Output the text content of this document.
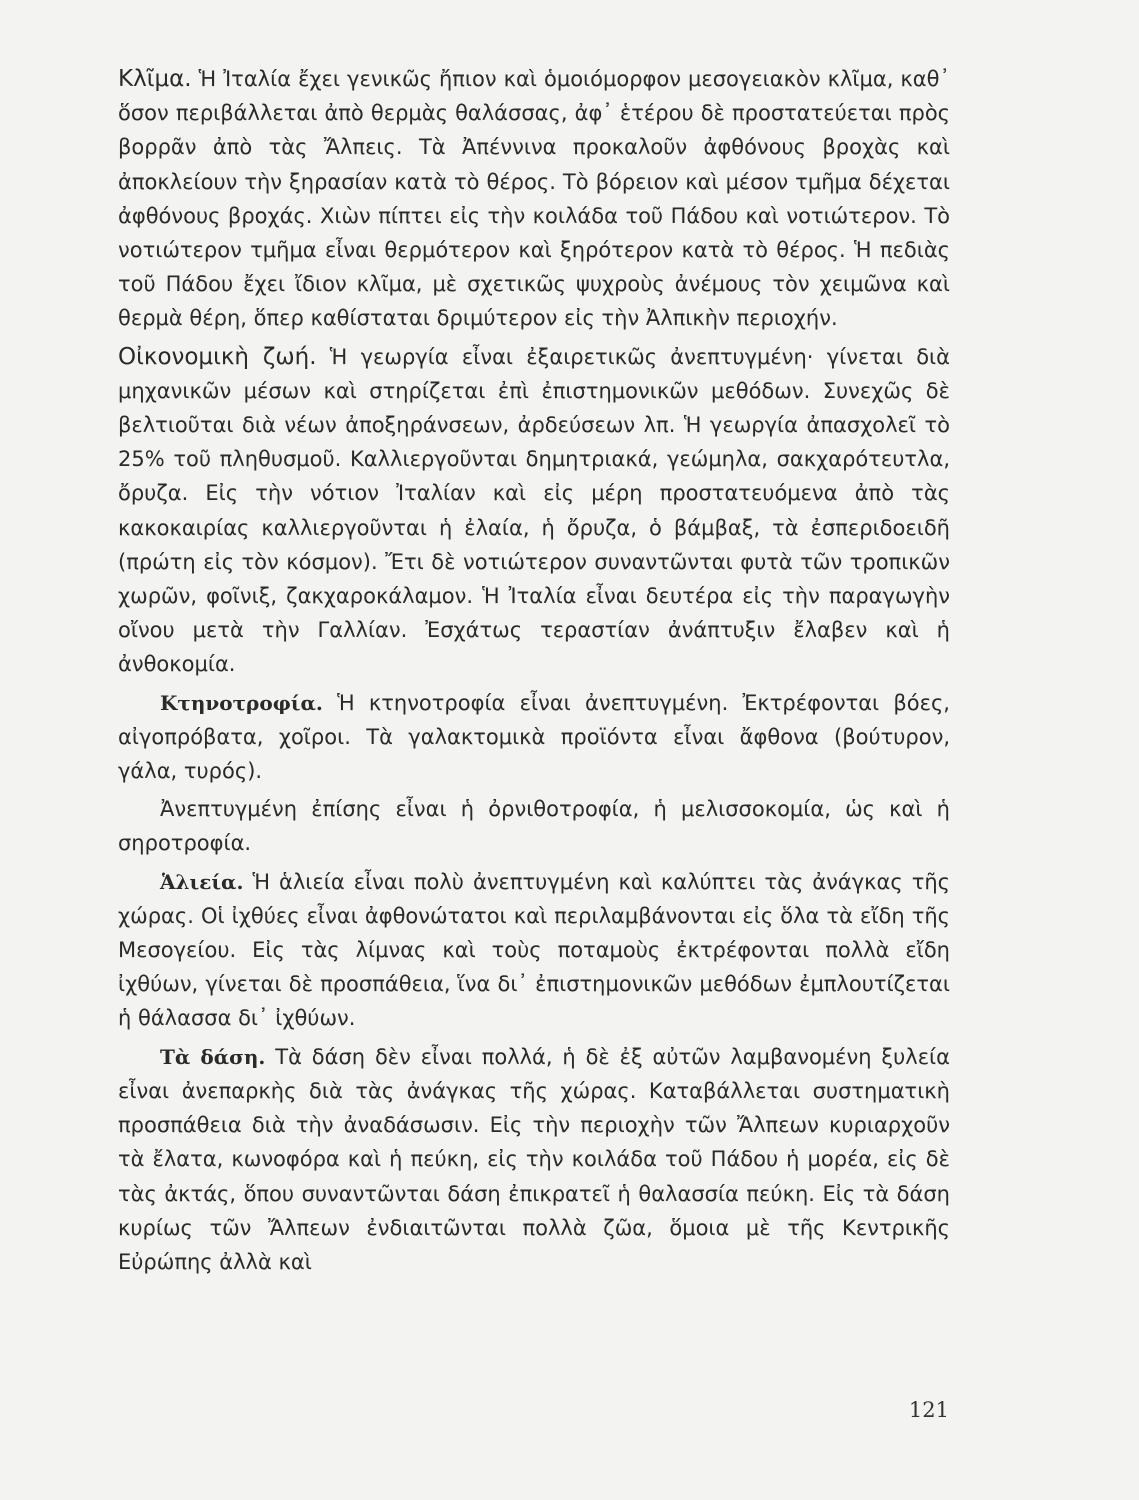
Κλῖμα. Ἡ Ἰταλία ἔχει γενικῶς ἤπιον καὶ ὁμοιόμορφον μεσογειακὸν κλῖμα, καθ᾽ ὅσον περιβάλλεται ἀπὸ θερμὰς θαλάσσας, ἀφ᾽ ἑτέρου δὲ προστατεύεται πρὸς βορρᾶν ἀπὸ τὰς Ἄλπεις. Τὰ Ἀπέννινα προκαλοῦν ἀφθόνους βροχὰς καὶ ἀποκλείουν τὴν ξηρασίαν κατὰ τὸ θέρος. Τὸ βόρειον καὶ μέσον τμῆμα δέχεται ἀφθόνους βροχάς. Χιὼν πίπτει εἰς τὴν κοιλάδα τοῦ Πάδου καὶ νοτιώτερον. Τὸ νοτιώτερον τμῆμα εἶναι θερμότερον καὶ ξηρότερον κατὰ τὸ θέρος. Ἡ πεδιὰς τοῦ Πάδου ἔχει ἴδιον κλῖμα, μὲ σχετικῶς ψυχροὺς ἀνέμους τὸν χειμῶνα καὶ θερμὰ θέρη, ὅπερ καθίσταται δριμύτερον εἰς τὴν Ἀλπικὴν περιοχήν.

Οἰκονομικὴ ζωή. Ἡ γεωργία εἶναι ἐξαιρετικῶς ἀνεπτυγμένη· γίνεται διὰ μηχανικῶν μέσων καὶ στηρίζεται ἐπὶ ἐπιστημονικῶν μεθόδων. Συνεχῶς δὲ βελτιοῦται διὰ νέων ἀποξηράνσεων, ἀρδεύσεων λπ. Ἡ γεωργία ἀπασχολεῖ τὸ 25% τοῦ πληθυσμοῦ. Καλλιεργοῦνται δημητριακά, γεώμηλα, σακχαρότευτλα, ὄρυζα. Εἰς τὴν νότιον Ἰταλίαν καὶ εἰς μέρη προστατευόμενα ἀπὸ τὰς κακοκαιρίας καλλιεργοῦνται ἡ ἐλαία, ἡ ὄρυζα, ὁ βάμβαξ, τὰ ἐσπεριδοειδῆ (πρώτη εἰς τὸν κόσμον). Ἔτι δὲ νοτιώτερον συναντῶνται φυτὰ τῶν τροπικῶν χωρῶν, φοῖνιξ, ζακχαροκάλαμον. Ἡ Ἰταλία εἶναι δευτέρα εἰς τὴν παραγωγὴν οἴνου μετὰ τὴν Γαλλίαν. Ἐσχάτως τεραστίαν ἀνάπτυξιν ἔλαβεν καὶ ἡ ἀνθοκομία.

Κτηνοτροφία. Ἡ κτηνοτροφία εἶναι ἀνεπτυγμένη. Ἐκτρέφονται βόες, αἰγοπρόβατα, χοῖροι. Τὰ γαλακτομικὰ προϊόντα εἶναι ἄφθονα (βούτυρον, γάλα, τυρός).

Ἀνεπτυγμένη ἐπίσης εἶναι ἡ ὀρνιθοτροφία, ἡ μελισσοκομία, ὡς καὶ ἡ σηροτροφία.

Ἁλιεία. Ἡ ἁλιεία εἶναι πολὺ ἀνεπτυγμένη καὶ καλύπτει τὰς ἀνάγκας τῆς χώρας. Οἱ ἰχθύες εἶναι ἀφθονώτατοι καὶ περιλαμβάνονται εἰς ὅλα τὰ εἴδη τῆς Μεσογείου. Εἰς τὰς λίμνας καὶ τοὺς ποταμοὺς ἐκτρέφονται πολλὰ εἴδη ἰχθύων, γίνεται δὲ προσπάθεια, ἵνα δι᾽ ἐπιστημονικῶν μεθόδων ἐμπλουτίζεται ἡ θάλασσα δι᾽ ἰχθύων.

Τὰ δάση. Τὰ δάση δὲν εἶναι πολλά, ἡ δὲ ἐξ αὐτῶν λαμβανομένη ξυλεία εἶναι ἀνεπαρκὴς διὰ τὰς ἀνάγκας τῆς χώρας. Καταβάλλεται συστηματικὴ προσπάθεια διὰ τὴν ἀναδάσωσιν. Εἰς τὴν περιοχὴν τῶν Ἄλπεων κυριαρχοῦν τὰ ἔλατα, κωνοφόρα καὶ ἡ πεύκη, εἰς τὴν κοιλάδα τοῦ Πάδου ἡ μορέα, εἰς δὲ τὰς ἀκτάς, ὅπου συναντῶνται δάση ἐπικρατεῖ ἡ θαλασσία πεύκη. Εἰς τὰ δάση κυρίως τῶν Ἄλπεων ἐνδιαιτῶνται πολλὰ ζῶα, ὅμοια μὲ τῆς Κεντρικῆς Εὐρώπης ἀλλὰ καὶ

121
